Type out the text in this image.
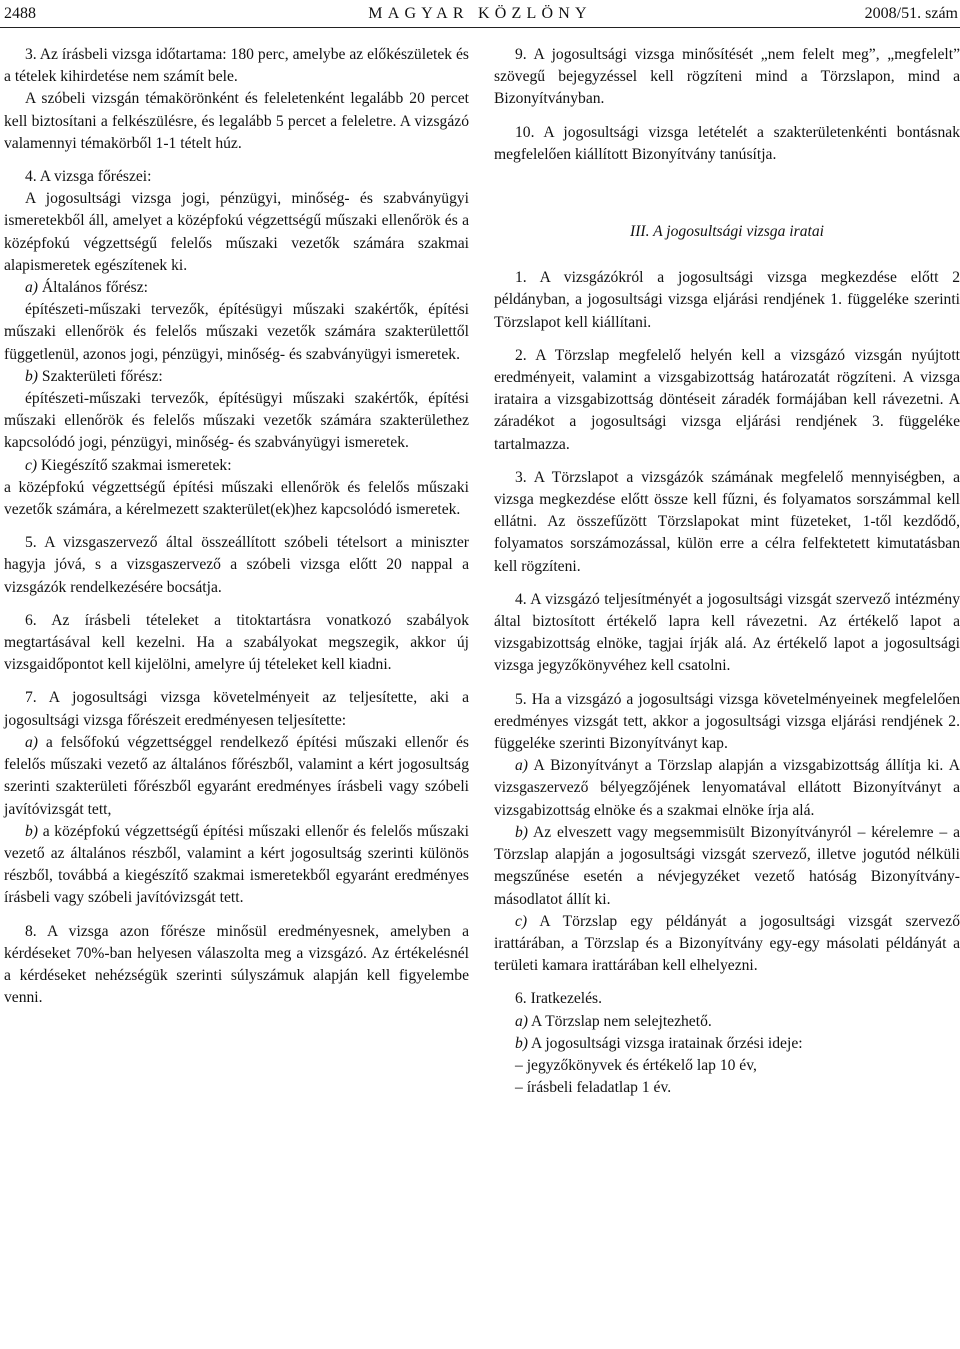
2488	MAGYAR KÖZLÖNY	2008/51. szám

3. Az írásbeli vizsga időtartama: 180 perc, amelybe az előkészületek és a tételek kihirdetése nem számít bele.

A szóbeli vizsgán témakörönként és feleletenként legalább 20 percet kell biztosítani a felkészülésre, és legalább 5 percet a feleletre. A vizsgázó valamennyi témakörből 1-1 tételt húz.

4. A vizsga főrészei:

A jogosultsági vizsga jogi, pénzügyi, minőség- és szabványügyi ismeretekből áll, amelyet a középfokú végzettségű műszaki ellenőrök és a középfokú végzettségű felelős műszaki vezetők számára szakmai alapismeretek egészítenek ki.

a) Általános főrész:

építészeti-műszaki tervezők, építésügyi műszaki szakértők, építési műszaki ellenőrök és felelős műszaki vezetők számára szakterülettől függetlenül, azonos jogi, pénzügyi, minőség- és szabványügyi ismeretek.

b) Szakterületi főrész:

építészeti-műszaki tervezők, építésügyi műszaki szakértők, építési műszaki ellenőrök és felelős műszaki vezetők számára szakterülethez kapcsolódó jogi, pénzügyi, minőség- és szabványügyi ismeretek.

c) Kiegészítő szakmai ismeretek:

a középfokú végzettségű építési műszaki ellenőrök és felelős műszaki vezetők számára, a kérelmezett szakterület(ek)hez kapcsolódó ismeretek.

5. A vizsgaszervező által összeállított szóbeli tételsort a miniszter hagyja jóvá, s a vizsgaszervező a szóbeli vizsga előtt 20 nappal a vizsgázók rendelkezésére bocsátja.

6. Az írásbeli tételeket a titoktartásra vonatkozó szabályok megtartásával kell kezelni. Ha a szabályokat megszegik, akkor új vizsgaidőpontot kell kijelölni, amelyre új tételeket kell kiadni.

7. A jogosultsági vizsga követelményeit az teljesítette, aki a jogosultsági vizsga főrészeit eredményesen teljesítette:

a) a felsőfokú végzettséggel rendelkező építési műszaki ellenőr és felelős műszaki vezető az általános főrészből, valamint a kért jogosultság szerinti szakterületi főrészből egyaránt eredményes írásbeli vagy szóbeli javítóvizsgát tett,

b) a középfokú végzettségű építési műszaki ellenőr és felelős műszaki vezető az általános részből, valamint a kért jogosultság szerinti különös részből, továbbá a kiegészítő szakmai ismeretekből egyaránt eredményes írásbeli vagy szóbeli javítóvizsgát tett.

8. A vizsga azon főrésze minősül eredményesnek, amelyben a kérdéseket 70%-ban helyesen válaszolta meg a vizsgázó. Az értékelésnél a kérdéseket nehézségük szerinti súlyszámuk alapján kell figyelembe venni.

9. A jogosultsági vizsga minősítését „nem felelt meg”, „megfelelt” szövegű bejegyzéssel kell rögzíteni mind a Törzslapon, mind a Bizonyítványban.

10. A jogosultsági vizsga letételét a szakterületenkénti bontásnak megfelelően kiállított Bizonyítvány tanúsítja.

III. A jogosultsági vizsga iratai

1. A vizsgázókról a jogosultsági vizsga megkezdése előtt 2 példányban, a jogosultsági vizsga eljárási rendjének 1. függeléke szerinti Törzslapot kell kiállítani.

2. A Törzslap megfelelő helyén kell a vizsgázó vizsgán nyújtott eredményeit, valamint a vizsgabizottság határozatát rögzíteni. A vizsga irataira a vizsgabizottság döntéseit záradék formájában kell rávezetni. A záradékot a jogosultsági vizsga eljárási rendjének 3. függeléke tartalmazza.

3. A Törzslapot a vizsgázók számának megfelelő mennyiségben, a vizsga megkezdése előtt össze kell fűzni, és folyamatos sorszámmal kell ellátni. Az összefűzött Törzslapokat mint füzeteket, 1-től kezdődő, folyamatos sorszámozással, külön erre a célra felfektetett kimutatásban kell rögzíteni.

4. A vizsgázó teljesítményét a jogosultsági vizsgát szervező intézmény által biztosított értékelő lapra kell rávezetni. Az értékelő lapot a vizsgabizottság elnöke, tagjai írják alá. Az értékelő lapot a jogosultsági vizsga jegyzőkönyvéhez kell csatolni.

5. Ha a vizsgázó a jogosultsági vizsga követelményeinek megfelelően eredményes vizsgát tett, akkor a jogosultsági vizsga eljárási rendjének 2. függeléke szerinti Bizonyítványt kap.

a) A Bizonyítványt a Törzslap alapján a vizsgabizottság állítja ki. A vizsgaszervező bélyegzőjének lenyomatával ellátott Bizonyítványt a vizsgabizottság elnöke és a szakmai elnöke írja alá.

b) Az elveszett vagy megsemmisült Bizonyítványról – kérelemre – a Törzslap alapján a jogosultsági vizsgát szervező, illetve jogutód nélküli megszűnése esetén a névjegyzéket vezető hatóság Bizonyítvány-másodlatot állít ki.

c) A Törzslap egy példányát a jogosultsági vizsgát szervező irattárában, a Törzslap és a Bizonyítvány egy-egy másolati példányát a területi kamara irattárában kell elhelyezni.

6. Iratkezelés.

a) A Törzslap nem selejtezhető.

b) A jogosultsági vizsga iratainak őrzési ideje:

– jegyzőkönyvek és értékelő lap 10 év,

– írásbeli feladatlap 1 év.
